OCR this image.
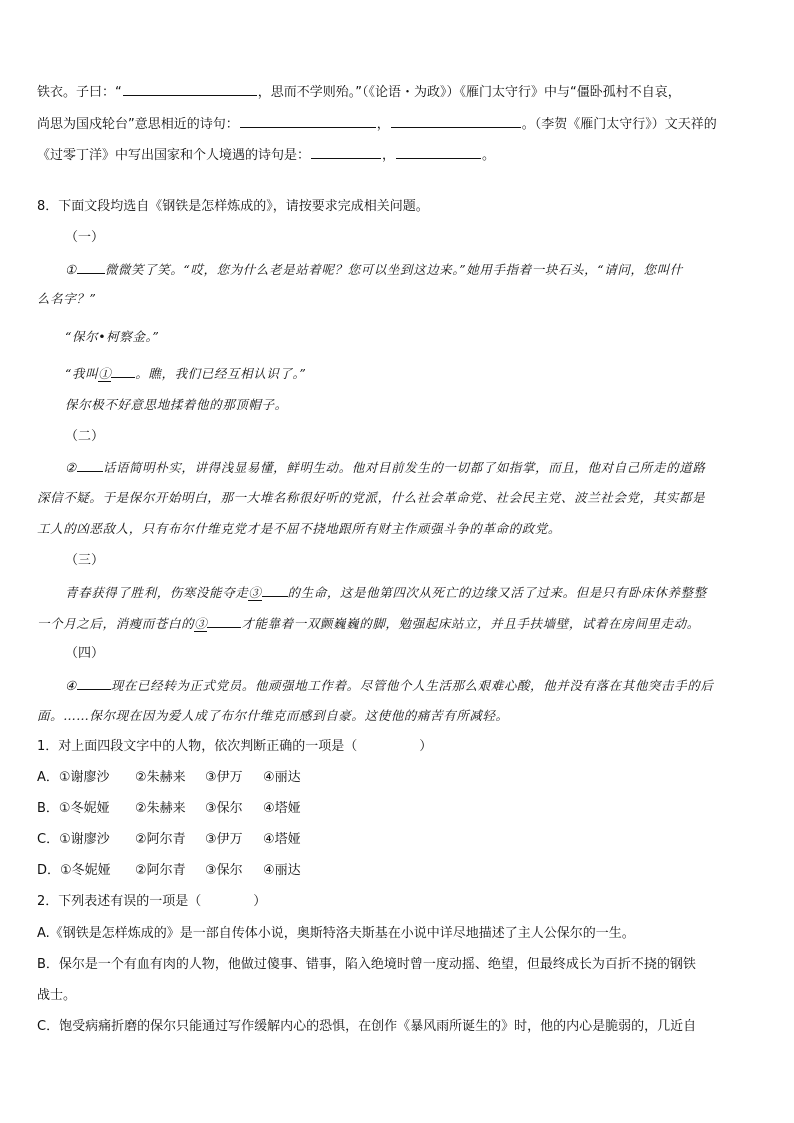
铁衣。子曰：“	，思而不学则殆。”（《论语・为政》）《雁门太守行》中与“僵卧孤村不自哀，
尚思为国戍轮台”意思相近的诗句：	，	。（李贺《雁门太守行》）文天祥的
《过零丁洋》中写出国家和个人境遇的诗句是：	，	。
8．下面文段均选自《钢铁是怎样炼成的》，请按要求完成相关问题。
（一）
① 微微笑了笑。“哎，您为什么老是站着呢？您可以坐到这边来。”她用手指着一块石头，“请问，您叫什
么名字？”
“保尔•柯察金。”
“我叫① 。瞧，我们已经互相认识了。”
保尔极不好意思地揉着他的那顶帽子。
（二）
② 话语简明朴实，讲得浅显易懂，鲜明生动。他对目前发生的一切都了如指掌，而且，他对自己所走的道路
深信不疑。于是保尔开始明白，那一大堆名称很好听的党派，什么社会革命党、社会民主党、波兰社会党，其实都是
工人的凶恶敌人，只有布尔什维克党才是不屈不挠地跟所有财主作顽强斗争的革命的政党。
（三）
青春获得了胜利，伤寒没能夺走③ 的生命，这是他第四次从死亡的边缘又活了过来。但是只有卧床休养整整
一个月之后，消瘦而苍白的③	才能靠着一双颤巍巍的脚，勉强起床站立，并且手扶墙壁，试着在房间里走动。
（四）
④	现在已经转为正式党员。他顽强地工作着。尽管他个人生活那么艰难心酸，他并没有落在其他突击手的后
面。……保尔现在因为爱人成了布尔什维克而感到自豪。这使他的痛苦有所减轻。
1．对上面四段文字中的人物，依次判断正确的一项是（	）
A．①谢廖沙 ②朱赫来 ③伊万 ④丽达
B．①冬妮娅 ②朱赫来 ③保尔 ④塔娅
C．①谢廖沙 ②阿尔青 ③伊万 ④塔娅
D．①冬妮娅 ②阿尔青 ③保尔 ④丽达
2．下列表述有误的一项是（	）
A.《钢铁是怎样炼成的》是一部自传体小说，奥斯特洛夫斯基在小说中详尽地描述了主人公保尔的一生。
B．保尔是一个有血有肉的人物，他做过傻事、错事，陷入绝境时曾一度动摇、绝望，但最终成长为百折不挠的钢铁
战士。
C．饱受病痛折磨的保尔只能通过写作缓解内心的恐惧，在创作《暴风雨所诞生的》时，他的内心是脆弱的，几近自
